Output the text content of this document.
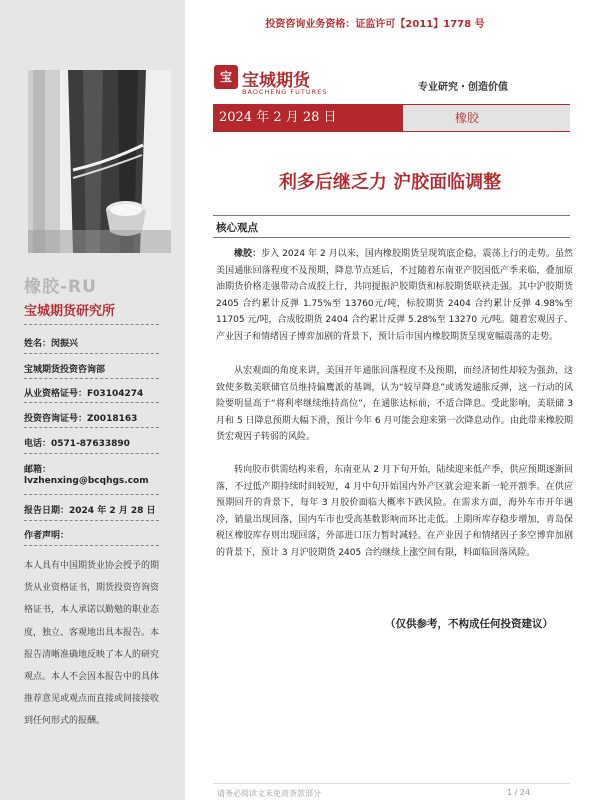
橡胶-RU
宝城期货研究所
姓名：闵振兴
宝城期货投资咨询部
从业资格证号：F03104274
投资咨询证号：Z0018163
电话：0571-87633890
邮箱：
lvzhenxing@bcqhgs.com
报告日期：2024 年 2 月 28 日
作者声明：
本人具有中国期货业协会授予的期货从业资格证书，期货投资咨询资格证书，本人承诺以勤勉的职业态度，独立、客观地出具本报告。本报告清晰准确地反映了本人的研究观点。本人不会因本报告中的具体推荐意见或观点而直接或间接接收到任何形式的报酬。
投资咨询业务资格：证监许可【2011】1778 号
宝 宝城期货
BAOCHENG FUTURES	专业研究・创造价值
2024 年 2 月 28 日	橡胶
利多后继乏力 沪胶面临调整
核心观点

橡胶：步入 2024 年 2 月以来，国内橡胶期货呈现筑底企稳，震荡上行的走势。虽然美国通胀回落程度不及预期，降息节点延后，不过随着东南亚产胶国低产季来临，叠加原油期货价格走强带动合成胶上行，共同提振沪胶期货和标胶期货联袂走强。其中沪胶期货 2405 合约累计反弹 1.75%至 13760元/吨，标胶期货 2404 合约累计反弹 4.98%至 11705 元/吨，合成胶期货 2404 合约累计反弹 5.28%至 13270 元/吨。随着宏观因子、产业因子和情绪因子博弈加剧的背景下，预计后市国内橡胶期货呈现宽幅震荡的走势。

从宏观面的角度来讲，美国开年通胀回落程度不及预期，而经济韧性却较为强劲，这致使多数美联储官员维持偏鹰派的基调，认为“较早降息”或诱发通胀反弹，这一行动的风险要明显高于“将利率继续维持高位”，在通胀达标前，不适合降息。受此影响，美联储 3 月和 5 日降息预期大幅下滑，预计今年 6 月可能会迎来第一次降息动作。由此带来橡胶期货宏观因子转弱的风险。

转向胶市供需结构来看，东南亚从 2 月下旬开始，陆续迎来低产季，供应预期逐渐回落，不过低产期持续时间较短，4 月中旬开始国内外产区就会迎来新一轮开割季。在供应预期回升的背景下，每年 3 月胶价面临大概率下跌风险。在需求方面，海外车市开年遇冷，销量出现回落，国内车市也受高基数影响而环比走低。上期所库存稳步增加，青岛保税区橡胶库存则出现回落，外部进口压力暂时减轻。在产业因子和情绪因子多空博弈加剧的背景下，预计 3 月沪胶期货 2405 合约继续上涨空间有限，料面临回落风险。

（仅供参考，不构成任何投资建议）
请务必阅读文末免责条款部分	1 / 24
